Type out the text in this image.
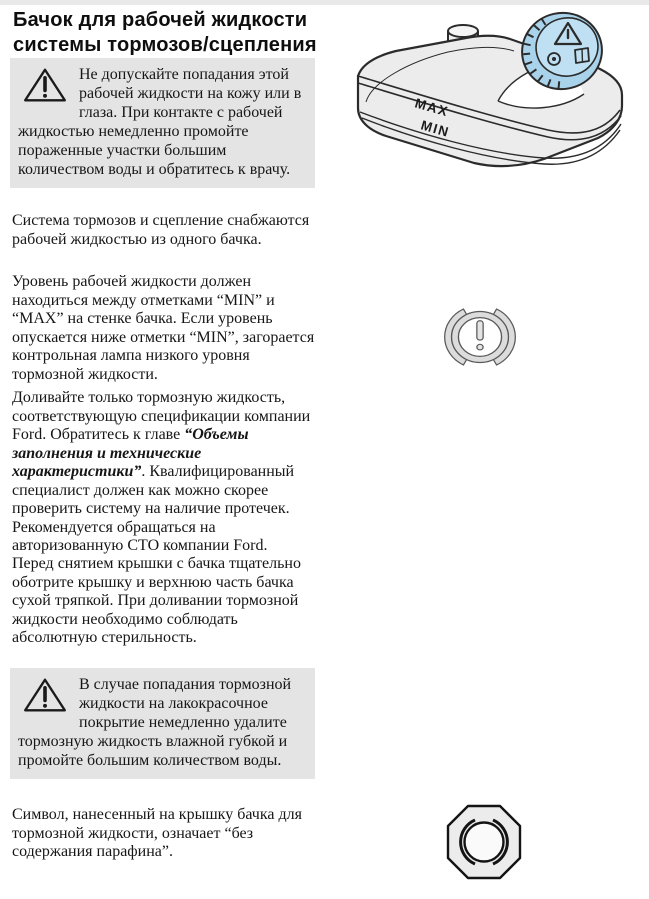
Бачок для рабочей жидкости
системы тормозов/сцепления
Не допускайте попадания этой рабочей жидкости на кожу или в глаза. При контакте с рабочей жидкостью немедленно промойте пораженные участки большим количеством воды и обратитесь к врачу.

Система тормозов и сцепление снабжаются рабочей жидкостью из одного бачка.

Уровень рабочей жидкости должен находиться между отметками “MIN” и “MAX” на стенке бачка. Если уровень опускается ниже отметки “MIN”, загорается контрольная лампа низкого уровня тормозной жидкости.

Доливайте только тормозную жидкость, соответствующую спецификации компании Ford. Обратитесь к главе “Объемы заполнения и технические характеристики”. Квалифицированный специалист должен как можно скорее проверить систему на наличие протечек. Рекомендуется обращаться на авторизованную СТО компании Ford.

Перед снятием крышки с бачка тщательно оботрите крышку и верхнюю часть бачка сухой тряпкой. При доливании тормозной жидкости необходимо соблюдать абсолютную стерильность.

В случае попадания тормозной жидкости на лакокрасочное покрытие немедленно удалите тормозную жидкость влажной губкой и промойте большим количеством воды.

Символ, нанесенный на крышку бачка для тормозной жидкости, означает “без содержания парафина”.

MAX
MIN
